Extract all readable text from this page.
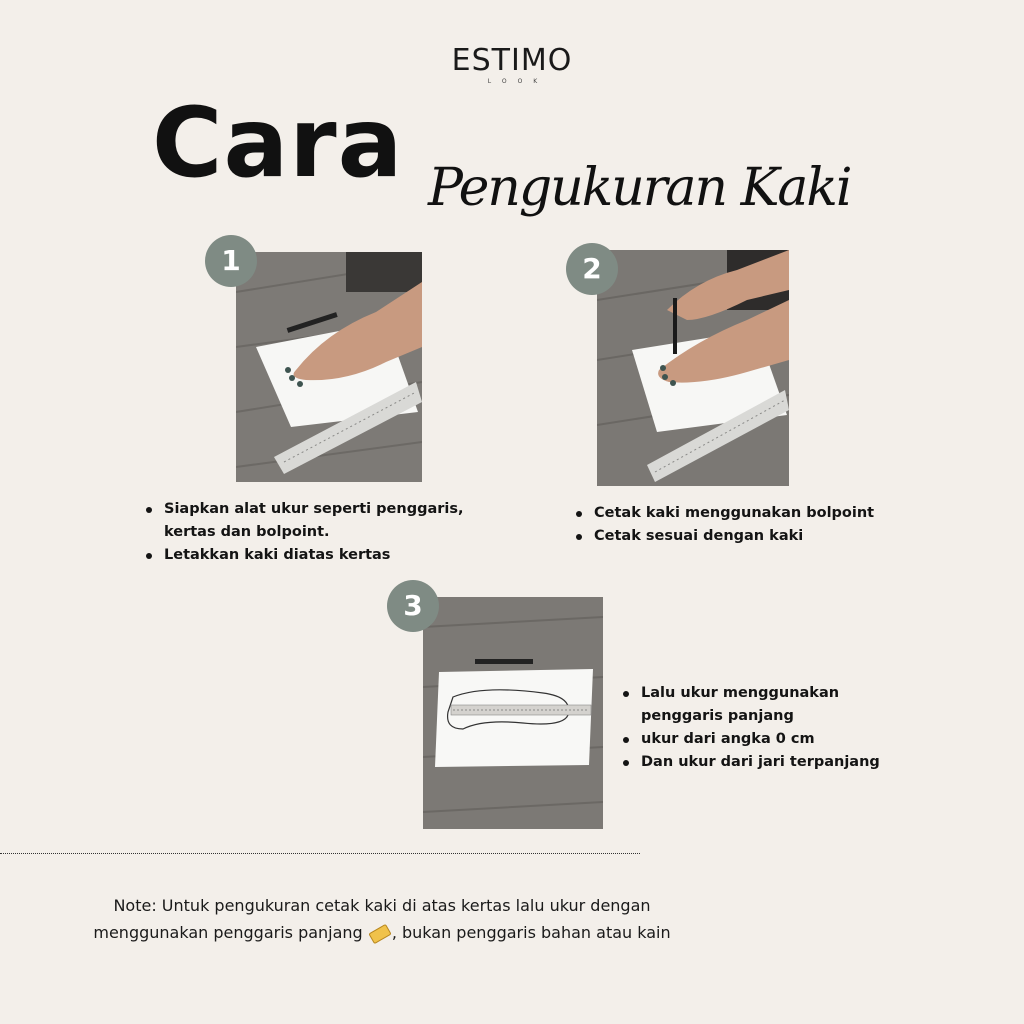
ESTIMO
LOOK
Cara Pengukuran Kaki
1
Siapkan alat ukur seperti penggaris,
kertas dan bolpoint.
Letakkan kaki diatas kertas
2
Cetak kaki menggunakan bolpoint
Cetak sesuai dengan kaki
3
Lalu ukur menggunakan
penggaris panjang
ukur dari angka 0 cm
Dan ukur dari jari terpanjang
Note: Untuk pengukuran cetak kaki di atas kertas lalu ukur dengan
menggunakan penggaris panjang , bukan penggaris bahan atau kain
